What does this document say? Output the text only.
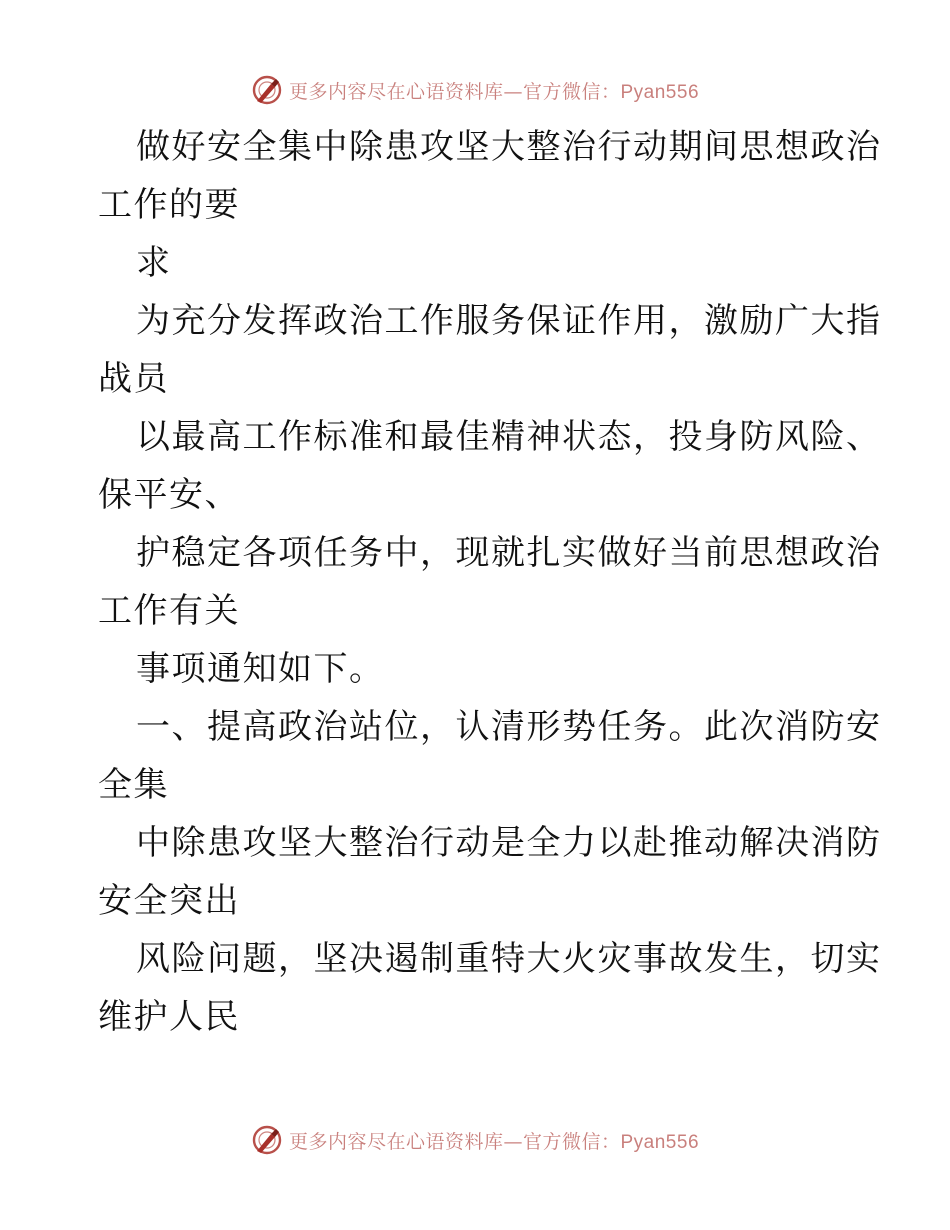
更多内容尽在心语资料库—官方微信：Pyan556
做好安全集中除患攻坚大整治行动期间思想政治
工作的要
求
为充分发挥政治工作服务保证作用，激励广大指
战员
以最高工作标准和最佳精神状态，投身防风险、
保平安、
护稳定各项任务中，现就扎实做好当前思想政治
工作有关
事项通知如下。
一、提高政治站位，认清形势任务。此次消防安
全集
中除患攻坚大整治行动是全力以赴推动解决消防
安全突出
风险问题，坚决遏制重特大火灾事故发生，切实
维护人民
更多内容尽在心语资料库—官方微信：Pyan556
